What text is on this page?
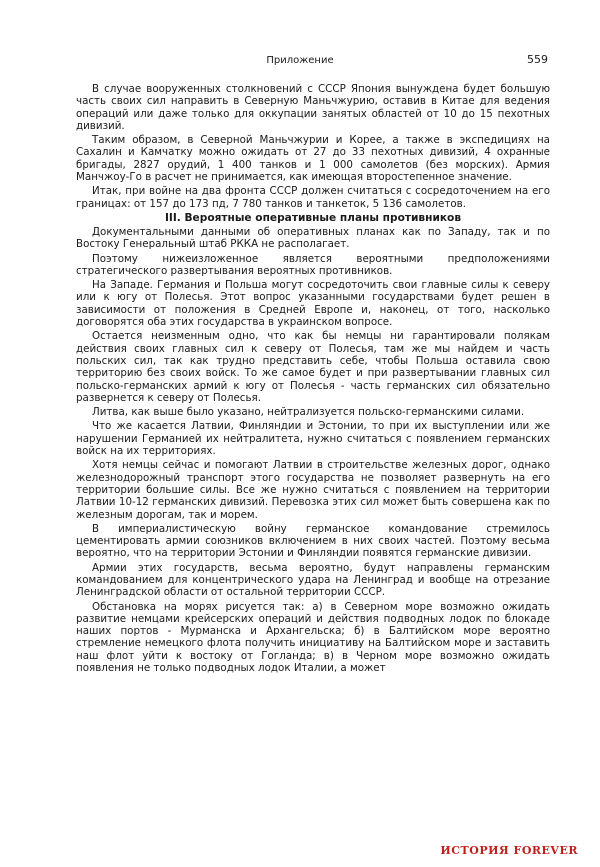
Приложение	559

В случае вооруженных столкновений с СССР Япония вынуждена будет большую часть своих сил направить в Северную Маньчжурию, оставив в Китае для ведения операций или даже только для оккупации занятых областей от 10 до 15 пехотных дивизий.

Таким образом, в Северной Маньчжурии и Корее, а также в экспедициях на Сахалин и Камчатку можно ожидать от 27 до 33 пехотных дивизий, 4 охранные бригады, 2827 орудий, 1 400 танков и 1 000 самолетов (без морских). Армия Манчжоу-Го в расчет не принимается, как имеющая второстепенное значение.

Итак, при войне на два фронта СССР должен считаться с сосредоточением на его границах: от 157 до 173 пд, 7 780 танков и танкеток, 5 136 самолетов.

III. Вероятные оперативные планы противников

Документальными данными об оперативных планах как по Западу, так и по Востоку Генеральный штаб РККА не располагает.

Поэтому нижеизложенное является вероятными предположениями стратегического развертывания вероятных противников.

На Западе. Германия и Польша могут сосредоточить свои главные силы к северу или к югу от Полесья. Этот вопрос указанными государствами будет решен в зависимости от положения в Средней Европе и, наконец, от того, насколько договорятся оба этих государства в украинском вопросе.

Остается неизменным одно, что как бы немцы ни гарантировали полякам действия своих главных сил к северу от Полесья, там же мы найдем и часть польских сил, так как трудно представить себе, чтобы Польша оставила свою территорию без своих войск. То же самое будет и при развертывании главных сил польско-германских армий к югу от Полесья - часть германских сил обязательно развернется к северу от Полесья.

Литва, как выше было указано, нейтрализуется польско-германскими силами.

Что же касается Латвии, Финляндии и Эстонии, то при их выступлении или же нарушении Германией их нейтралитета, нужно считаться с появлением германских войск на их территориях.

Хотя немцы сейчас и помогают Латвии в строительстве железных дорог, однако железнодорожный транспорт этого государства не позволяет развернуть на его территории большие силы. Все же нужно считаться с появлением на территории Латвии 10-12 германских дивизий. Перевозка этих сил может быть совершена как по железным дорогам, так и морем.

В империалистическую войну германское командование стремилось цементировать армии союзников включением в них своих частей. Поэтому весьма вероятно, что на территории Эстонии и Финляндии появятся германские дивизии.

Армии этих государств, весьма вероятно, будут направлены германским командованием для концентрического удара на Ленинград и вообще на отрезание Ленинградской области от остальной территории СССР.

Обстановка на морях рисуется так: а) в Северном море возможно ожидать развитие немцами крейсерских операций и действия подводных лодок по блокаде наших портов - Мурманска и Архангельска; б) в Балтийском море вероятно стремление немецкого флота получить инициативу на Балтийском море и заставить наш флот уйти к востоку от Гогланда; в) в Черном море возможно ожидать появления не только подводных лодок Италии, а может

ИСТОРИЯ FOREVER
